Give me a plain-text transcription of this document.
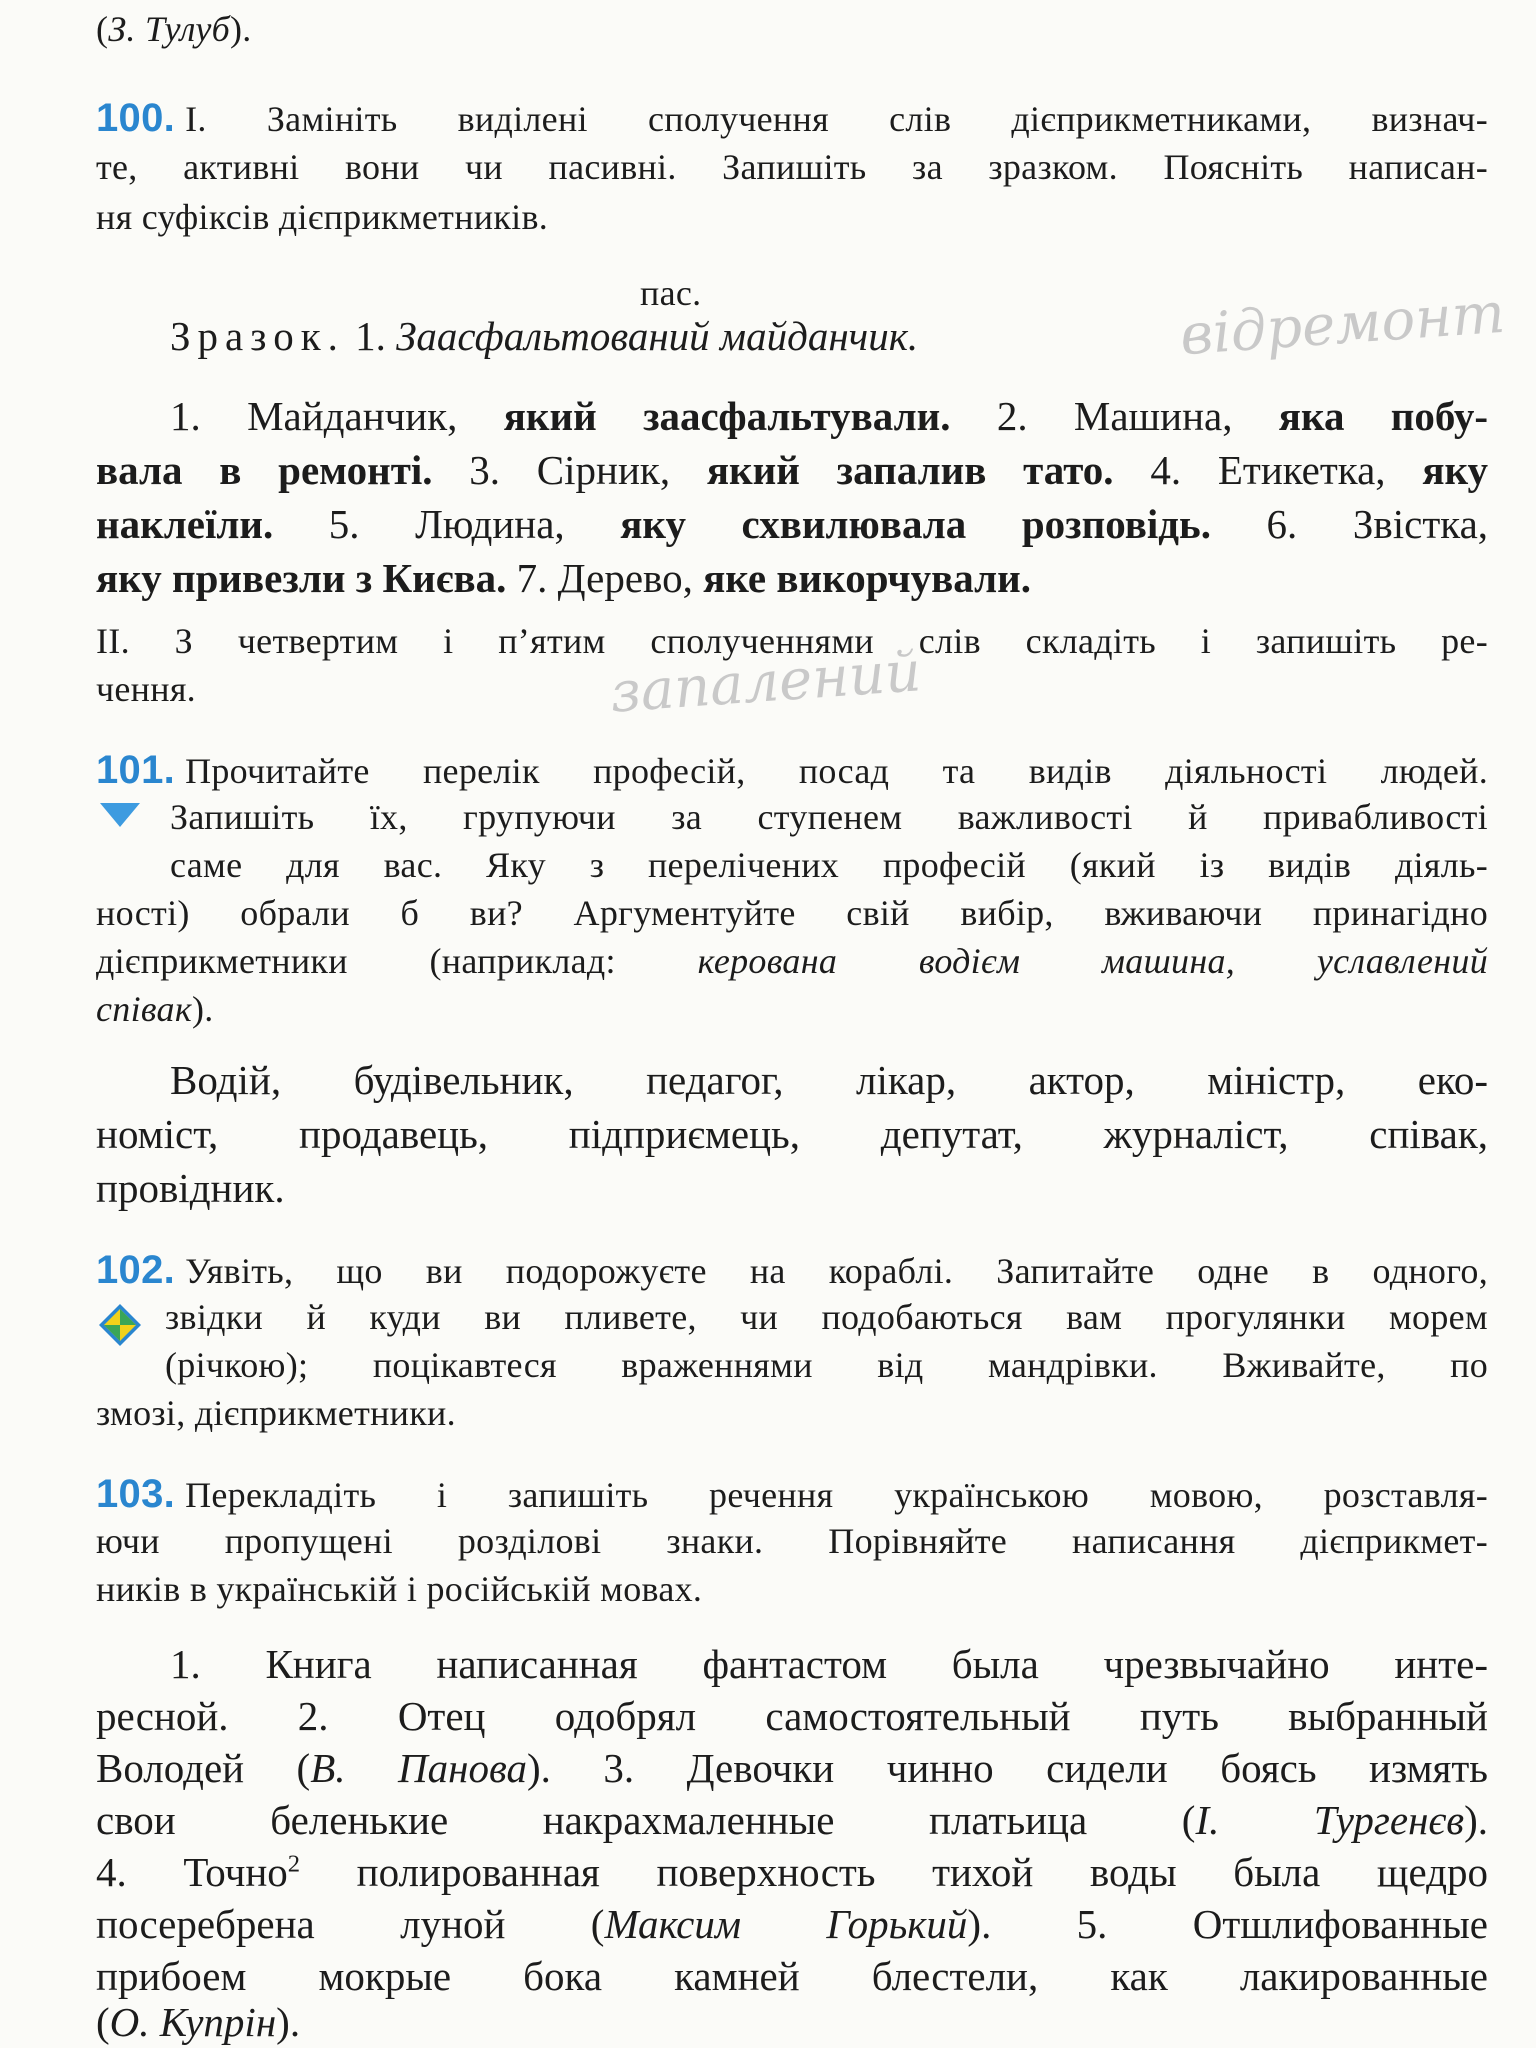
(З. Тулуб).
100. І. Замініть виділені сполучення слів дієприкметниками, визнач-
те, активні вони чи пасивні. Запишіть за зразком. Поясніть написан-
ня суфіксів дієприкметників.
пас.	відремонт
Зразок. 1. Заасфальтований майданчик.
1. Майданчик, який заасфальтували. 2. Машина, яка побу-
вала в ремонті. 3. Сірник, який запалив тато. 4. Етикетка, яку
наклеїли. 5. Людина, яку схвилювала розповідь. 6. Звістка,
яку привезли з Києва. 7. Дерево, яке викорчували.
ІІ. З четвертим і п’ятим сполученнями слів складіть і запишіть ре-
чення.	запалений
101. Прочитайте перелік професій, посад та видів діяльності людей.
Запишіть їх, групуючи за ступенем важливості й привабливості
саме для вас. Яку з перелічених професій (який із видів діяль-
ності) обрали б ви? Аргументуйте свій вибір, вживаючи принагідно
дієприкметники (наприклад: керована водієм машина, уславлений
співак).
Водій, будівельник, педагог, лікар, актор, міністр, еко-
номіст, продавець, підприємець, депутат, журналіст, співак,
провідник.
102. Уявіть, що ви подорожуєте на кораблі. Запитайте одне в одного,
звідки й куди ви пливете, чи подобаються вам прогулянки морем
(річкою); поцікавтеся враженнями від мандрівки. Вживайте, по
змозі, дієприкметники.
103. Перекладіть і запишіть речення українською мовою, розставля-
ючи пропущені розділові знаки. Порівняйте написання дієприкмет-
ників в українській і російській мовах.
1. Книга написанная фантастом была чрезвычайно инте-
ресной. 2. Отец одобрял самостоятельный путь выбранный
Володей (В. Панова). 3. Девочки чинно сидели боясь измять
свои беленькие накрахмаленные платьица (І. Тургенєв).
4. Точно$^2$ полированная поверхность тихой воды была щедро
посеребрена луной (Максим Горький). 5. Отшлифованные
прибоем мокрые бока камней блестели, как лакированные
(О. Купрін).
